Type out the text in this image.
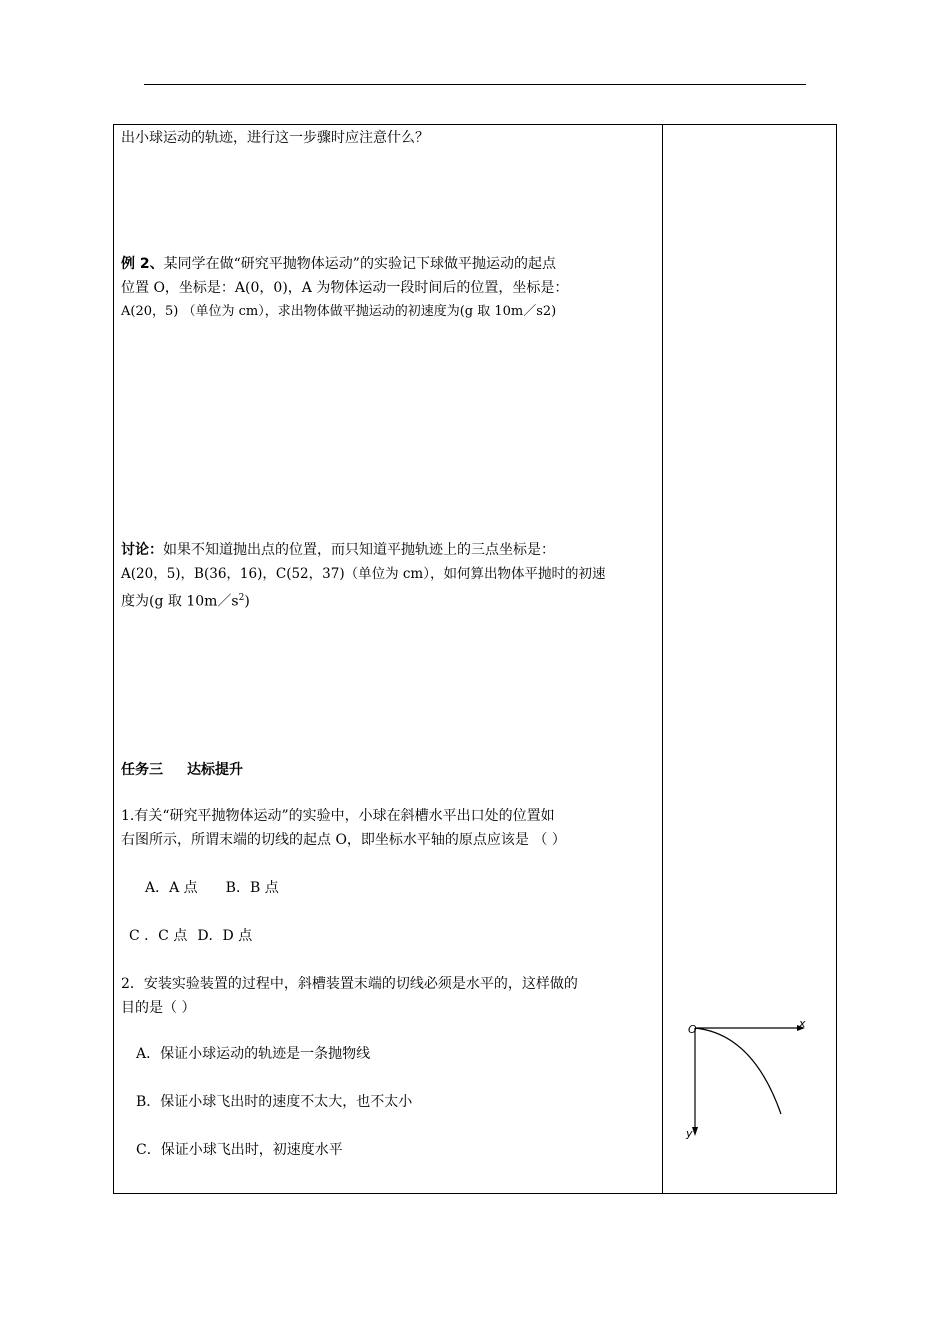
出小球运动的轨迹，进行这一步骤时应注意什么？
例 2、某同学在做“研究平抛物体运动”的实验记下球做平抛运动的起点
位置 O，坐标是：A(0，0)，A 为物体运动一段时间后的位置，坐标是：
A(20，5) （单位为 cm），求出物体做平抛运动的初速度为(g 取 10m／s2)
讨论：如果不知道抛出点的位置，而只知道平抛轨迹上的三点坐标是：
A(20，5)，B(36，16)，C(52，37)（单位为 cm），如何算出物体平抛时的初速
度为(g 取 $10m/s^2$)
任务三 达标提升
1.有关“研究平抛物体运动”的实验中，小球在斜槽水平出口处的位置如
右图所示，所谓末端的切线的起点 O，即坐标水平轴的原点应该是 （ ）
A．A 点 B．B 点
C ．C 点 D．D 点
2．安装实验装置的过程中，斜槽装置末端的切线必须是水平的，这样做的
目的是（ ）
A．保证小球运动的轨迹是一条抛物线
B．保证小球飞出时的速度不太大，也不太小
C．保证小球飞出时，初速度水平
O	x
y
